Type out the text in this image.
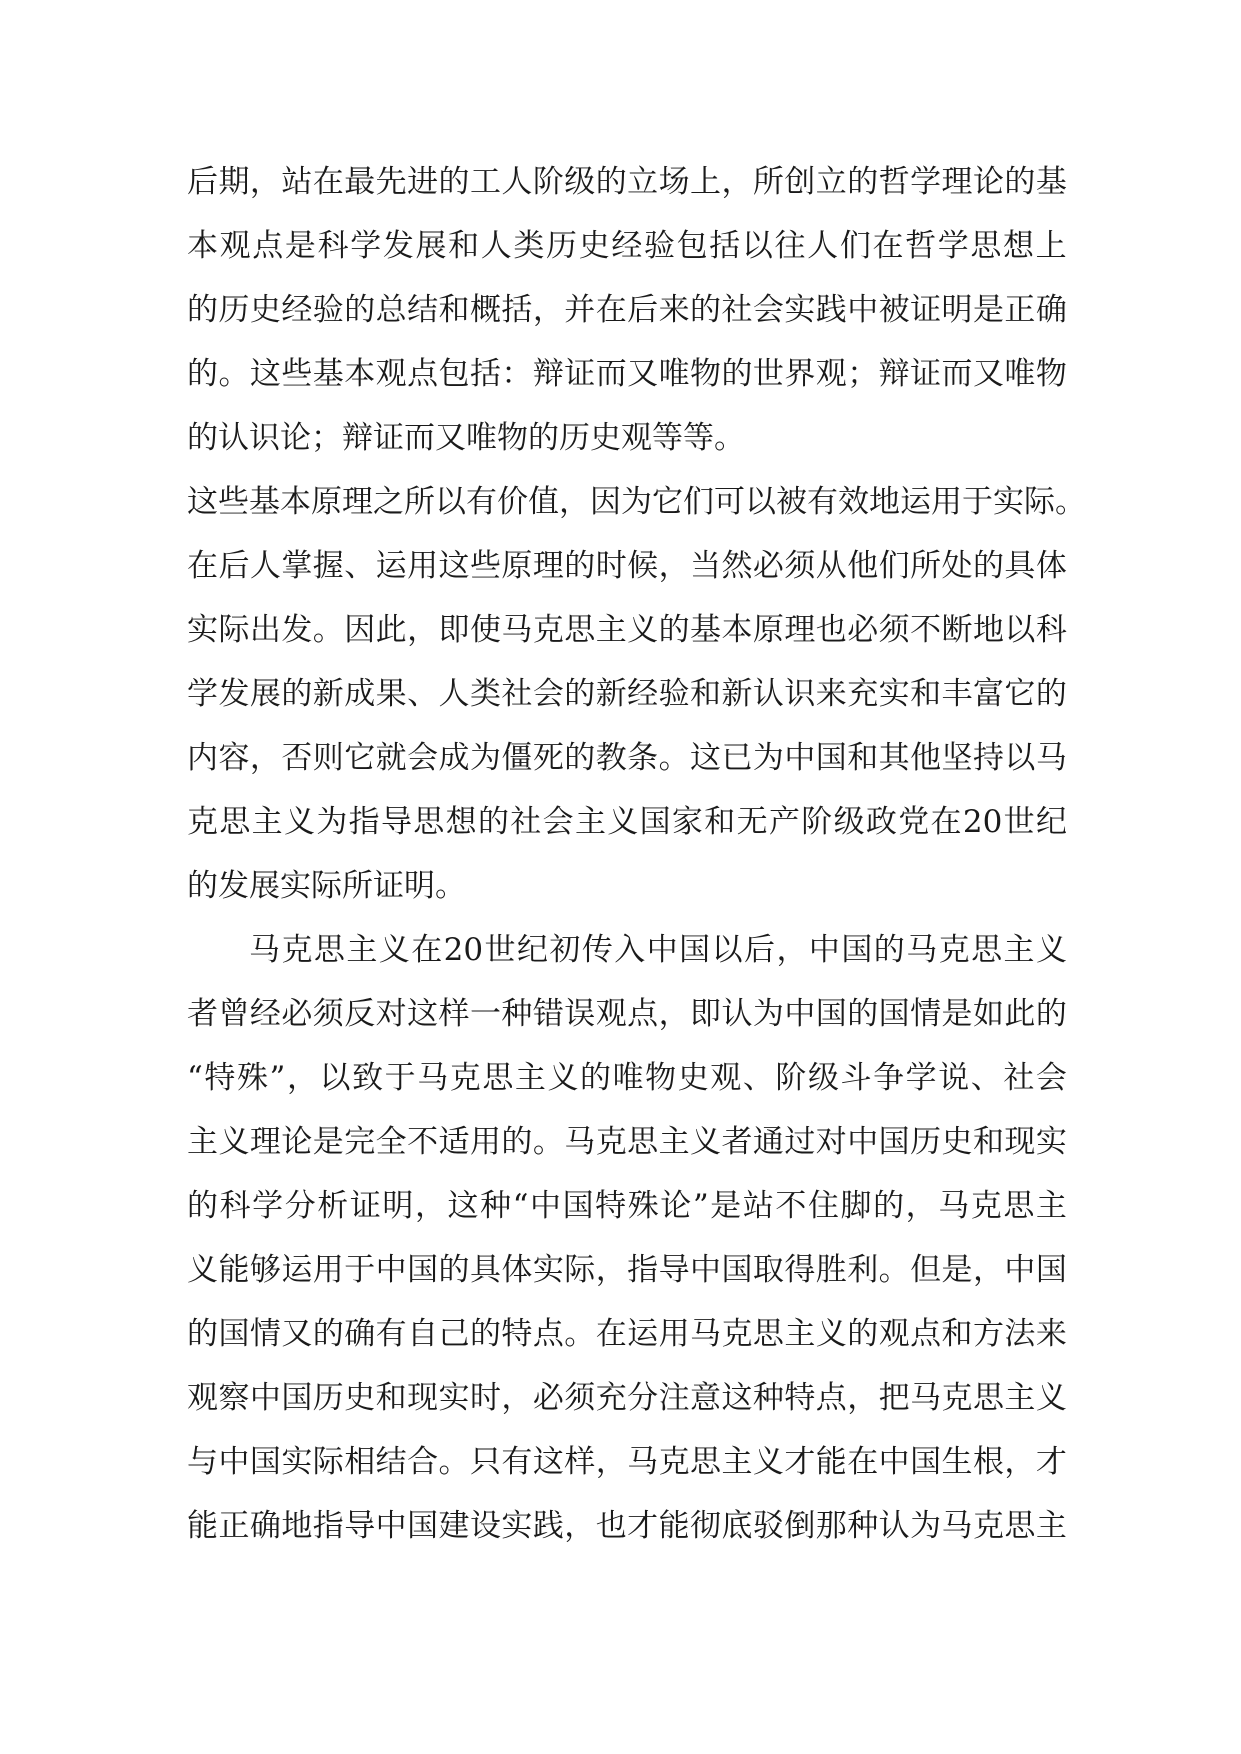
后 期 ， 站 在 最 先 进 的 工 人 阶 级 的 立 场 上 ， 所 创 立 的 哲 学 理 论 的 基
本 观 点 是 科 学 发 展 和 人 类 历 史 经 验 包 括 以 往 人 们 在 哲 学 思 想 上
的 历 史 经 验 的 总 结 和 概 括 ， 并 在 后 来 的 社 会 实 践 中 被 证 明 是 正 确
的 。 这 些 基 本 观 点 包 括 ： 辩 证 而 又 唯 物 的 世 界 观 ； 辩 证 而 又 唯 物
的认识论；辩证而又唯物的历史观等等。
这 些 基 本 原 理 之 所 以 有 价 值 ， 因 为 它 们 可 以 被 有 效 地 运 用 于 实 际 。
在 后 人 掌 握 、 运 用 这 些 原 理 的 时 候 ， 当 然 必 须 从 他 们 所 处 的 具 体
实 际 出 发 。 因 此 ， 即 使 马 克 思 主 义 的 基 本 原 理 也 必 须 不 断 地 以 科
学 发 展 的 新 成 果 、 人 类 社 会 的 新 经 验 和 新 认 识 来 充 实 和 丰 富 它 的
内 容 ， 否 则 它 就 会 成 为 僵 死 的 教 条 。 这 已 为 中 国 和 其 他 坚 持 以 马
克 思 主 义 为 指 导 思 想 的 社 会 主 义 国 家 和 无 产 阶 级 政 党 在 20 世 纪
的发展实际所证明。
马 克 思 主 义 在 20 世 纪 初 传 入 中 国 以 后 ， 中 国 的 马 克 思 主 义
者 曾 经 必 须 反 对 这 样 一 种 错 误 观 点 ， 即 认 为 中 国 的 国 情 是 如 此 的
“ 特 殊 ” ， 以 致 于 马 克 思 主 义 的 唯 物 史 观 、 阶 级 斗 争 学 说 、 社 会
主 义 理 论 是 完 全 不 适 用 的 。 马 克 思 主 义 者 通 过 对 中 国 历 史 和 现 实
的 科 学 分 析 证 明 ， 这 种 “ 中 国 特 殊 论 ” 是 站 不 住 脚 的 ， 马 克 思 主
义 能 够 运 用 于 中 国 的 具 体 实 际 ， 指 导 中 国 取 得 胜 利 。 但 是 ， 中 国
的 国 情 又 的 确 有 自 己 的 特 点 。 在 运 用 马 克 思 主 义 的 观 点 和 方 法 来
观 察 中 国 历 史 和 现 实 时 ， 必 须 充 分 注 意 这 种 特 点 ， 把 马 克 思 主 义
与 中 国 实 际 相 结 合 。 只 有 这 样 ， 马 克 思 主 义 才 能 在 中 国 生 根 ， 才
能 正 确 地 指 导 中 国 建 设 实 践 ， 也 才 能 彻 底 驳 倒 那 种 认 为 马 克 思 主
